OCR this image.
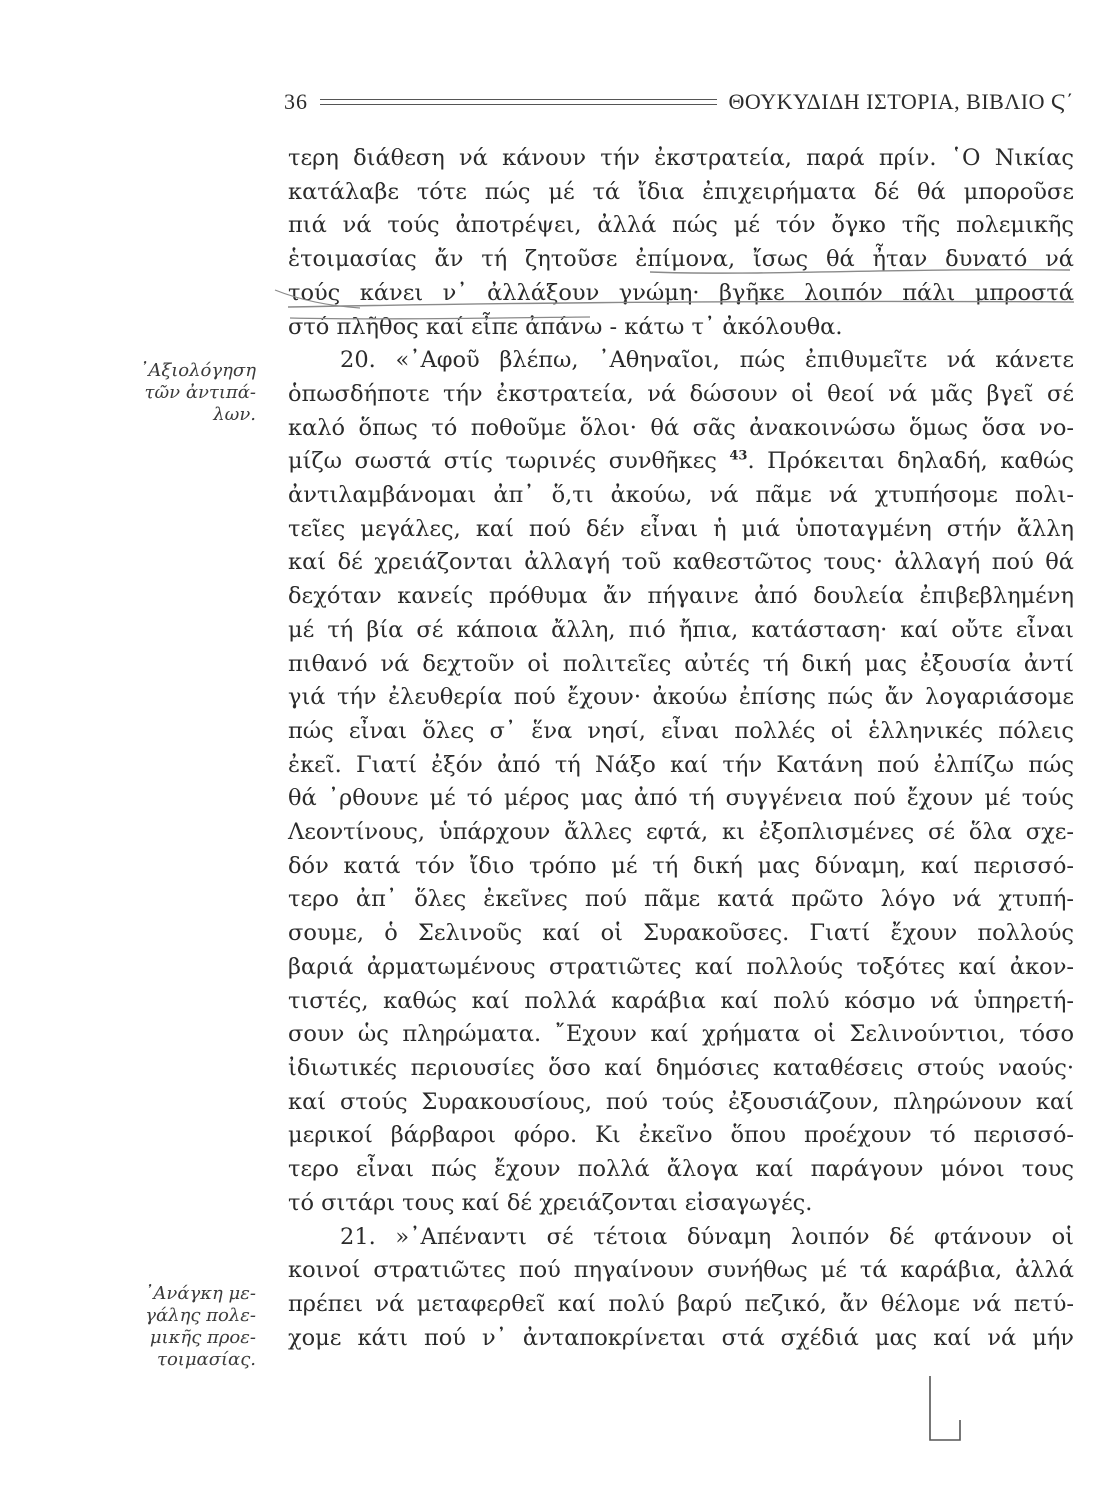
36	ΘΟΥΚΥΔΙΔΗ ΙΣΤΟΡΙΑ, ΒΙΒΛΙΟ Ϛ΄
᾿Αξιολόγηση
τῶν ἀντιπά-
λων.
᾿Ανάγκη με-
γάλης πολε-
μικῆς προε-
τοιμασίας.
τερη διάθεση νά κάνουν τήν ἐκστρατεία, παρά πρίν. ῾Ο Νικίας
κατάλαβε τότε πώς μέ τά ἴδια ἐπιχειρήματα δέ θά μποροῦσε
πιά νά τούς ἀποτρέψει, ἀλλά πώς μέ τόν ὄγκο τῆς πολεμικῆς
ἑτοιμασίας ἄν τή ζητοῦσε ἐπίμονα, ἴσως θά ἦταν δυνατό νά
τούς κάνει ν᾿ ἀλλάξουν γνώμη· βγῆκε λοιπόν πάλι μπροστά
στό πλῆθος καί εἶπε ἀπάνω - κάτω τ᾿ ἀκόλουθα.
20. «᾿Αφοῦ βλέπω, ᾿Αθηναῖοι, πώς ἐπιθυμεῖτε νά κάνετε
ὁπωσδήποτε τήν ἐκστρατεία, νά δώσουν οἱ θεοί νά μᾶς βγεῖ σέ
καλό ὅπως τό ποθοῦμε ὅλοι· θά σᾶς ἀνακοινώσω ὅμως ὅσα νο-
μίζω σωστά στίς τωρινές συνθῆκες $^{43}$. Πρόκειται δηλαδή, καθώς
ἀντιλαμβάνομαι ἀπ᾿ ὅ,τι ἀκούω, νά πᾶμε νά χτυπήσομε πολι-
τεῖες μεγάλες, καί πού δέν εἶναι ἡ μιά ὑποταγμένη στήν ἄλλη
καί δέ χρειάζονται ἀλλαγή τοῦ καθεστῶτος τους· ἀλλαγή πού θά
δεχόταν κανείς πρόθυμα ἄν πήγαινε ἀπό δουλεία ἐπιβεβλημένη
μέ τή βία σέ κάποια ἄλλη, πιό ἤπια, κατάσταση· καί οὔτε εἶναι
πιθανό νά δεχτοῦν οἱ πολιτεῖες αὐτές τή δική μας ἐξουσία ἀντί
γιά τήν ἐλευθερία πού ἔχουν· ἀκούω ἐπίσης πώς ἄν λογαριάσομε
πώς εἶναι ὅλες σ᾿ ἕνα νησί, εἶναι πολλές οἱ ἑλληνικές πόλεις
ἐκεῖ. Γιατί ἐξόν ἀπό τή Νάξο καί τήν Κατάνη πού ἐλπίζω πώς
θά ᾿ρθουνε μέ τό μέρος μας ἀπό τή συγγένεια πού ἔχουν μέ τούς
Λεοντίνους, ὑπάρχουν ἄλλες εφτά, κι ἐξοπλισμένες σέ ὅλα σχε-
δόν κατά τόν ἴδιο τρόπο μέ τή δική μας δύναμη, καί περισσό-
τερο ἀπ᾿ ὅλες ἐκεῖνες πού πᾶμε κατά πρῶτο λόγο νά χτυπή-
σουμε, ὁ Σελινοῦς καί οἱ Συρακοῦσες. Γιατί ἔχουν πολλούς
βαριά ἀρματωμένους στρατιῶτες καί πολλούς τοξότες καί ἀκον-
τιστές, καθώς καί πολλά καράβια καί πολύ κόσμο νά ὑπηρετή-
σουν ὡς πληρώματα. ῎Εχουν καί χρήματα οἱ Σελινούντιοι, τόσο
ἰδιωτικές περιουσίες ὅσο καί δημόσιες καταθέσεις στούς ναούς·
καί στούς Συρακουσίους, πού τούς ἐξουσιάζουν, πληρώνουν καί
μερικοί βάρβαροι φόρο. Κι ἐκεῖνο ὅπου προέχουν τό περισσό-
τερο εἶναι πώς ἔχουν πολλά ἄλογα καί παράγουν μόνοι τους
τό σιτάρι τους καί δέ χρειάζονται εἰσαγωγές.
21. »᾿Απέναντι σέ τέτοια δύναμη λοιπόν δέ φτάνουν οἱ
κοινοί στρατιῶτες πού πηγαίνουν συνήθως μέ τά καράβια, ἀλλά
πρέπει νά μεταφερθεῖ καί πολύ βαρύ πεζικό, ἄν θέλομε νά πετύ-
χομε κάτι πού ν᾿ ἀνταποκρίνεται στά σχέδιά μας καί νά μήν
